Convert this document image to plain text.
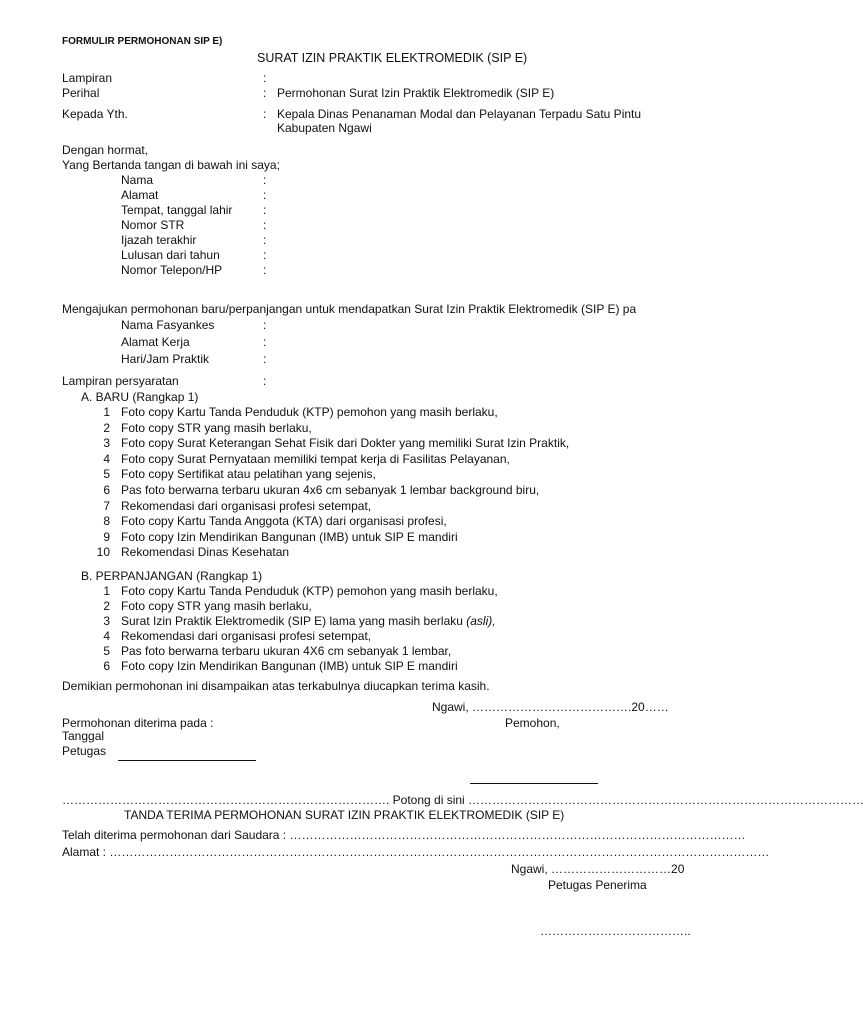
FORMULIR PERMOHONAN SIP E)
SURAT IZIN PRAKTIK ELEKTROMEDIK (SIP E)
Lampiran	:
Perihal	: Permohonan Surat Izin Praktik Elektromedik (SIP E)
Kepada Yth.	: Kepala Dinas Penanaman Modal dan Pelayanan Terpadu Satu Pintu
Kabupaten Ngawi
Dengan hormat,
Yang Bertanda tangan di bawah ini saya;
Nama	:
Alamat	:
Tempat, tanggal lahir	:
Nomor STR	:
Ijazah terakhir	:
Lulusan dari tahun	:
Nomor Telepon/HP	:
Mengajukan permohonan baru/perpanjangan untuk mendapatkan Surat Izin Praktik Elektromedik (SIP E) pa
Nama Fasyankes	:
Alamat Kerja	:
Hari/Jam Praktik	:
Lampiran persyaratan	:
A. BARU (Rangkap 1)
1 Foto copy Kartu Tanda Penduduk (KTP) pemohon yang masih berlaku,
2 Foto copy STR yang masih berlaku,
3 Foto copy Surat Keterangan Sehat Fisik dari Dokter yang memiliki Surat Izin Praktik,
4 Foto copy Surat Pernyataan memiliki tempat kerja di Fasilitas Pelayanan,
5 Foto copy Sertifikat atau pelatihan yang sejenis,
6 Pas foto berwarna terbaru ukuran 4x6 cm sebanyak 1 lembar background biru,
7 Rekomendasi dari organisasi profesi setempat,
8 Foto copy Kartu Tanda Anggota (KTA) dari organisasi profesi,
9 Foto copy Izin Mendirikan Bangunan (IMB) untuk SIP E mandiri
10 Rekomendasi Dinas Kesehatan
B. PERPANJANGAN (Rangkap 1)
1 Foto copy Kartu Tanda Penduduk (KTP) pemohon yang masih berlaku,
2 Foto copy STR yang masih berlaku,
3 Surat Izin Praktik Elektromedik (SIP E) lama yang masih berlaku (asli),
4 Rekomendasi dari organisasi profesi setempat,
5 Pas foto berwarna terbaru ukuran 4X6 cm sebanyak 1 lembar,
6 Foto copy Izin Mendirikan Bangunan (IMB) untuk SIP E mandiri
Demikian permohonan ini disampaikan atas terkabulnya diucapkan terima kasih.
Ngawi, ………………………………….20……
Permohonan diterima pada :	Pemohon,
Tanggal
Petugas
………………………………………………………………………. Potong di sini ………………………………………………………………………………………
TANDA TERIMA PERMOHONAN SURAT IZIN PRAKTIK ELEKTROMEDIK (SIP E)
Telah diterima permohonan dari Saudara : ……………………………………………………………………………………………………
Alamat : …………………………………………………………………………………………………………………………………………………
Ngawi, …………………………20
Petugas Penerima
………………………………..
